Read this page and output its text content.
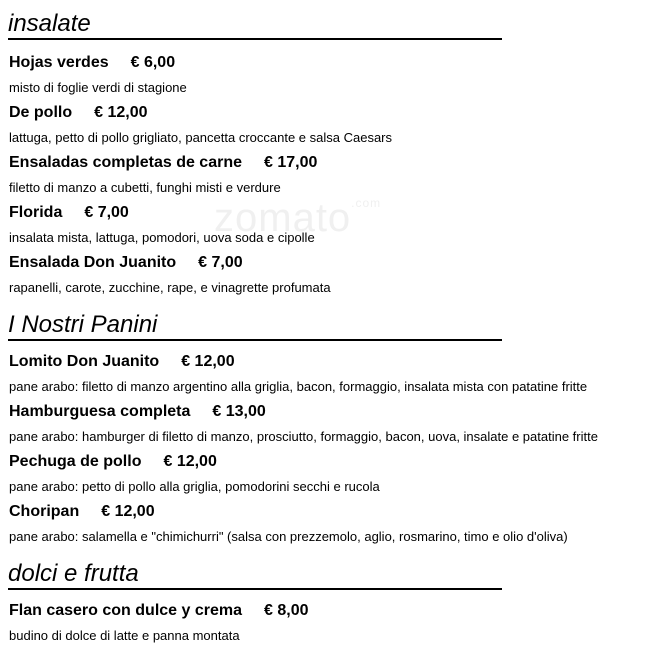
zomato$^{.com}$
insalate
Hojas verdes € 6,00
misto di foglie verdi di stagione
De pollo € 12,00
lattuga, petto di pollo grigliato, pancetta croccante e salsa Caesars
Ensaladas completas de carne € 17,00
filetto di manzo a cubetti, funghi misti e verdure
Florida € 7,00
insalata mista, lattuga, pomodori, uova soda e cipolle
Ensalada Don Juanito € 7,00
rapanelli, carote, zucchine, rape, e vinagrette profumata
I Nostri Panini
Lomito Don Juanito € 12,00
pane arabo: filetto di manzo argentino alla griglia, bacon, formaggio, insalata mista con patatine fritte
Hamburguesa completa € 13,00
pane arabo: hamburger di filetto di manzo, prosciutto, formaggio, bacon, uova, insalate e patatine fritte
Pechuga de pollo € 12,00
pane arabo: petto di pollo alla griglia, pomodorini secchi e rucola
Choripan € 12,00
pane arabo: salamella e "chimichurri" (salsa con prezzemolo, aglio, rosmarino, timo e olio d'oliva)
dolci e frutta
Flan casero con dulce y crema € 8,00
budino di dolce di latte e panna montata
